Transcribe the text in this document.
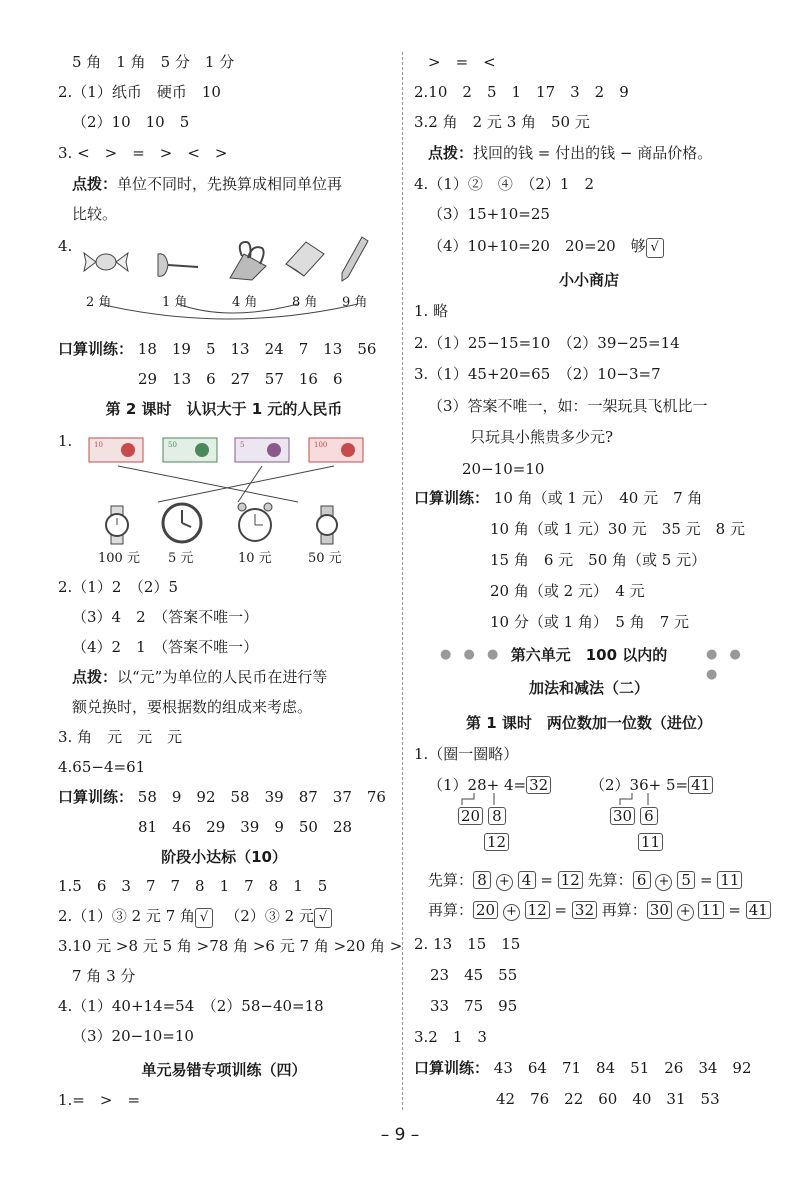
5 角　1 角　5 分　1 分
2.（1）纸币　硬币　10
（2）10　10　5
3. <　>　=　>　<　>
点拨：单位不同时，先换算成相同单位再
比较。
4.
2 角	1 角	4 角	8 角 9 角
口算训练： 18　19　5　13　24　7　13　56
29　13　6　27　57　16　6
第 2 课时　认识大于 1 元的人民币
1.	10	50	5	100
100 元 5 元	10 元	50 元
2.（1）2　（2）5
（3）4　2　（答案不唯一）
（4）2　1　（答案不唯一）
点拨：以“元”为单位的人民币在进行等
额兑换时，要根据数的组成来考虑。
3. 角　元　元　元
4.65−4=61
口算训练： 58　9　92　58　39　87　37　76
81　46　29　39　9　50　28
阶段小达标（10）
1.5　6　3　7　7　8　1　7　8　1　5
2.（1）③ 2 元 7 角 √ 　 （2）③ 2 元 √
3.10 元 >8 元 5 角 >78 角 >6 元 7 角 >20 角 >
7 角 3 分
4.（1）40+14=54　（2）58−40=18
（3）20−10=10
单元易错专项训练（四）
1.=　>　=
>　=　<
2.10　2　5　1　17　3　2　9
3.2 角　2 元 3 角　50 元
点拨：找回的钱 = 付出的钱 − 商品价格。
4.（1）②　④　（2）1　2
（3）15+10=25
（4）10+10=20　20=20　够 √
小小商店
1. 略
2.（1）25−15=10　（2）39−25=14
3.（1）45+20=65　（2）10−3=7
（3）答案不唯一，如：一架玩具飞机比一
只玩具小熊贵多少元?
20−10=10
口算训练： 10 角（或 1 元）　40 元　7 角
10 角（或 1 元）30 元　35 元　8 元
15 角　6 元　50 角（或 5 元）
20 角（或 2 元）　4 元
10 分（或 1 角）　5 角　7 元
● ● ●	● ● ●
第六单元　100 以内的
加法和减法（二）
第 1 课时　两位数加一位数（进位）
1.（圈一圈略）
（1）28+ 4= 32
20 8
12
（2）36+ 5= 41
30 6
11
先算： 8 + 4 = 12 先算： 6 + 5 = 11
再算： 20 + 12 = 32 再算： 30 + 11 = 41
2. 13　15　15
23　45　55
33　75　95
3.2　1　3
口算训练： 43　64　71　84　51　26　34　92
42　76　22　60　40　31　53
– 9 –
